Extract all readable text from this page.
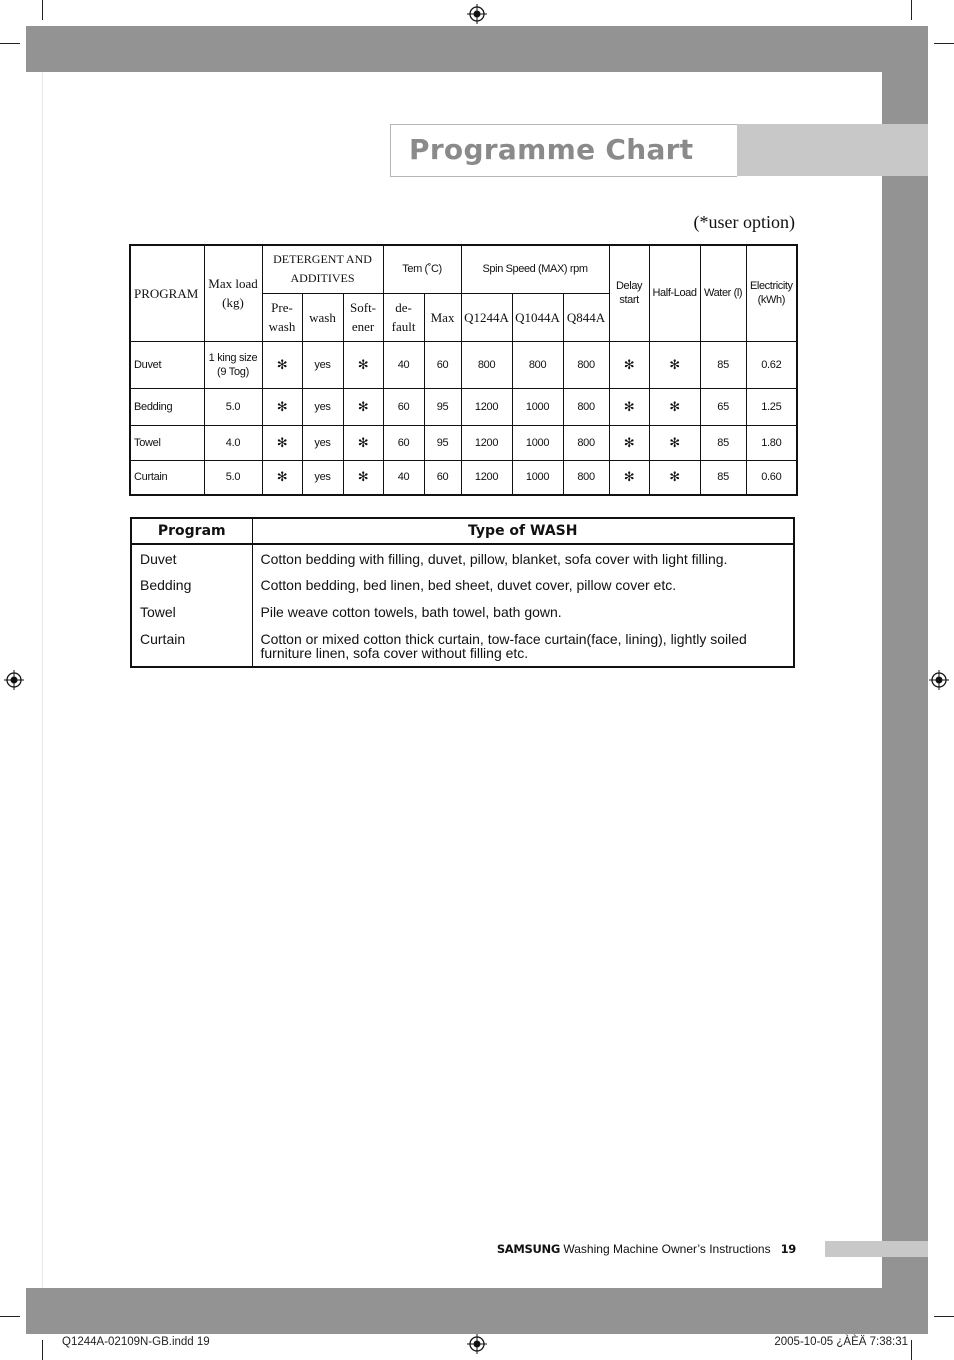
Programme Chart
(*user option)
PROGRAM	Max load (kg)	DETERGENT AND ADDITIVES			Tem (˚C)		Spin Speed (MAX) rpm			Delay start	Half-Load	Water (l)	Electricity (kWh)
		Pre-wash	wash	Soft-ener	de-fault	Max	Q1244A	Q1044A	Q844A				
Duvet	1 king size (9 Tog)	✻	yes	✻	40	60	800	800	800	✻	✻	85	0.62
Bedding	5.0	✻	yes	✻	60	95	1200	1000	800	✻	✻	65	1.25
Towel	4.0	✻	yes	✻	60	95	1200	1000	800	✻	✻	85	1.80
Curtain	5.0	✻	yes	✻	40	60	1200	1000	800	✻	✻	85	0.60
Program	Type of WASH
Duvet	Cotton bedding with filling, duvet, pillow, blanket, sofa cover with light filling.
Bedding	Cotton bedding, bed linen, bed sheet, duvet cover, pillow cover etc.
Towel	Pile weave cotton towels, bath towel, bath gown.
Curtain	Cotton or mixed cotton thick curtain, tow-face curtain(face, lining), lightly soiled furniture linen, sofa cover without filling etc.
SAMSUNG Washing Machine Owner’s Instructions 19
Q1244A-02109N-GB.indd 19	2005-10-05 ¿ÀÈÄ 7:38:31
